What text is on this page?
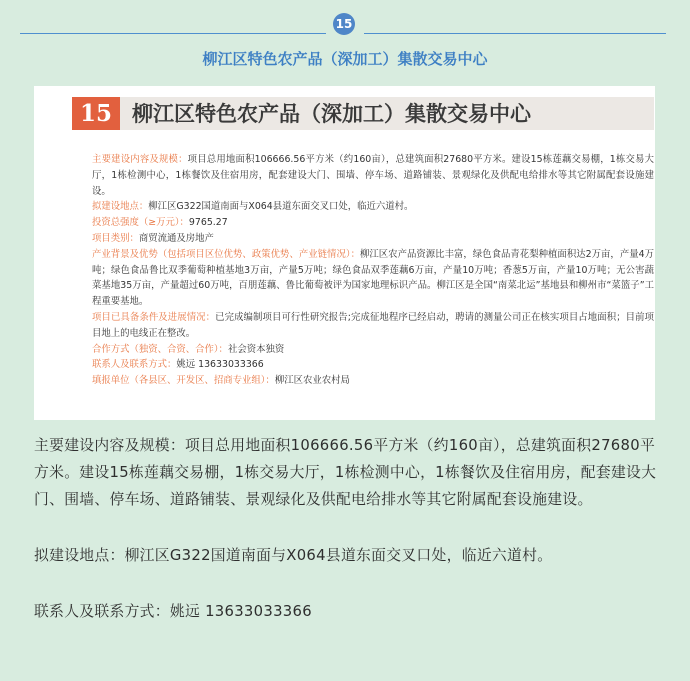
15
柳江区特色农产品（深加工）集散交易中心
15 柳江区特色农产品（深加工）集散交易中心

主要建设内容及规模：项目总用地面积106666.56平方米（约160亩），总建筑面积27680平方米。建设15栋莲藕交易棚，1栋交易大厅，1栋检测中心，1栋餐饮及住宿用房，配套建设大门、围墙、停车场、道路铺装、景观绿化及供配电给排水等其它附属配套设施建设。

拟建设地点：柳江区G322国道南面与X064县道东面交叉口处，临近六道村。

投资总强度（≥万元）：9765.27

项目类别：商贸流通及房地产

产业背景及优势（包括项目区位优势、政策优势、产业链情况）：柳江区农产品资源比丰富，绿色食品青花梨种植面积达2万亩，产量4万吨；绿色食品鲁比双季葡萄种植基地3万亩，产量5万吨；绿色食品双季莲藕6万亩，产量10万吨；香葱5万亩，产量10万吨；无公害蔬菜基地35万亩，产量超过60万吨，百朋莲藕、鲁比葡萄被评为国家地理标识产品。柳江区是全国“南菜北运”基地县和柳州市“菜篮子”工程重要基地。

项目已具备条件及进展情况：已完成编制项目可行性研究报告;完成征地程序已经启动，聘请的测量公司正在核实项目占地面积；目前项目地上的电线正在整改。

合作方式（独资、合资、合作）：社会资本独资

联系人及联系方式：姚远 13633033366

填报单位（各县区、开发区、招商专业组）：柳江区农业农村局

主要建设内容及规模：项目总用地面积106666.56平方米（约160亩），总建筑面积27680平方米。建设15栋莲藕交易棚，1栋交易大厅，1栋检测中心，1栋餐饮及住宿用房，配套建设大门、围墙、停车场、道路铺装、景观绿化及供配电给排水等其它附属配套设施建设。

拟建设地点：柳江区G322国道南面与X064县道东面交叉口处，临近六道村。

联系人及联系方式：姚远 13633033366
